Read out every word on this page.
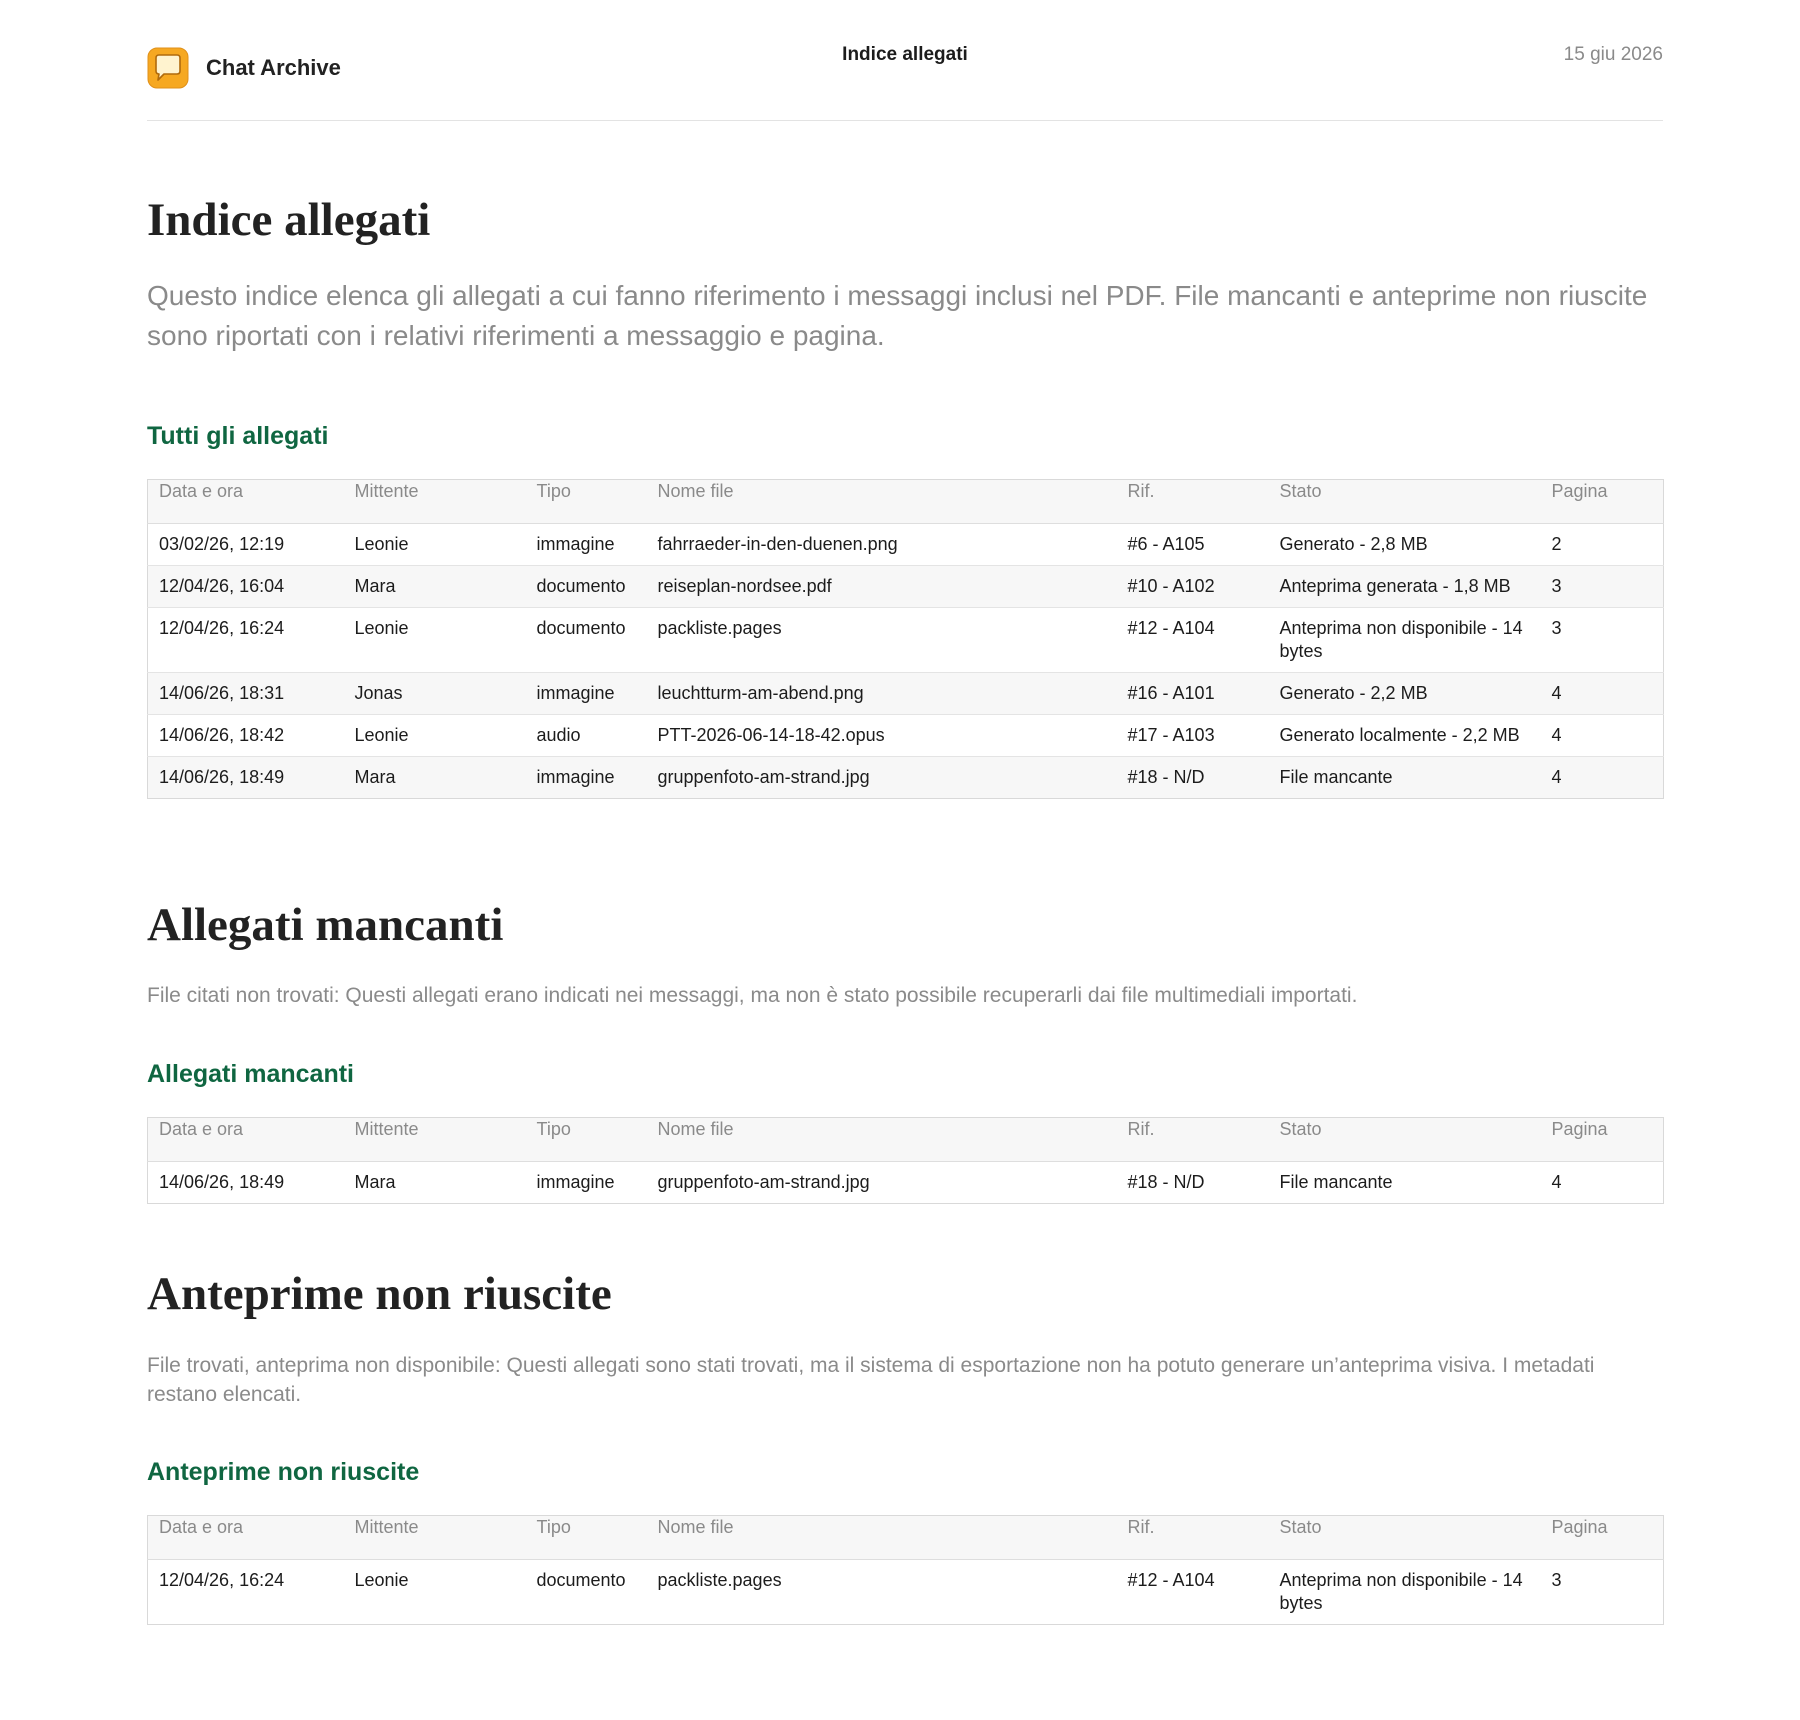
Chat Archive
Indice allegati	15 giu 2026
Indice allegati

Questo indice elenca gli allegati a cui fanno riferimento i messaggi inclusi nel PDF. File mancanti e anteprime non riuscite sono riportati con i relativi riferimenti a messaggio e pagina.

Tutti gli allegati
Data e ora	Mittente	Tipo	Nome file	Rif.	Stato	Pagina

03/02/26, 12:19	Leonie	immagine	fahrraeder-in-den-duenen.png	#6 - A105	Generato - 2,8 MB	2
12/04/26, 16:04	Mara	documento	reiseplan-nordsee.pdf	#10 - A102	Anteprima generata - 1,8 MB	3
12/04/26, 16:24	Leonie	documento	packliste.pages	#12 - A104	Anteprima non disponibile - 14 bytes	3
14/06/26, 18:31	Jonas	immagine	leuchtturm-am-abend.png	#16 - A101	Generato - 2,2 MB	4
14/06/26, 18:42	Leonie	audio	PTT-2026-06-14-18-42.opus	#17 - A103	Generato localmente - 2,2 MB	4
14/06/26, 18:49	Mara	immagine	gruppenfoto-am-strand.jpg	#18 - N/D	File mancante	4
Allegati mancanti

File citati non trovati: Questi allegati erano indicati nei messaggi, ma non è stato possibile recuperarli dai file multimediali importati.

Allegati mancanti
Data e ora	Mittente	Tipo	Nome file	Rif.	Stato	Pagina

14/06/26, 18:49	Mara	immagine	gruppenfoto-am-strand.jpg	#18 - N/D	File mancante	4
Anteprime non riuscite

File trovati, anteprima non disponibile: Questi allegati sono stati trovati, ma il sistema di esportazione non ha potuto generare un’anteprima visiva. I metadati restano elencati.

Anteprime non riuscite
Data e ora	Mittente	Tipo	Nome file	Rif.	Stato	Pagina

12/04/26, 16:24	Leonie	documento	packliste.pages	#12 - A104	Anteprima non disponibile - 14 bytes	3
